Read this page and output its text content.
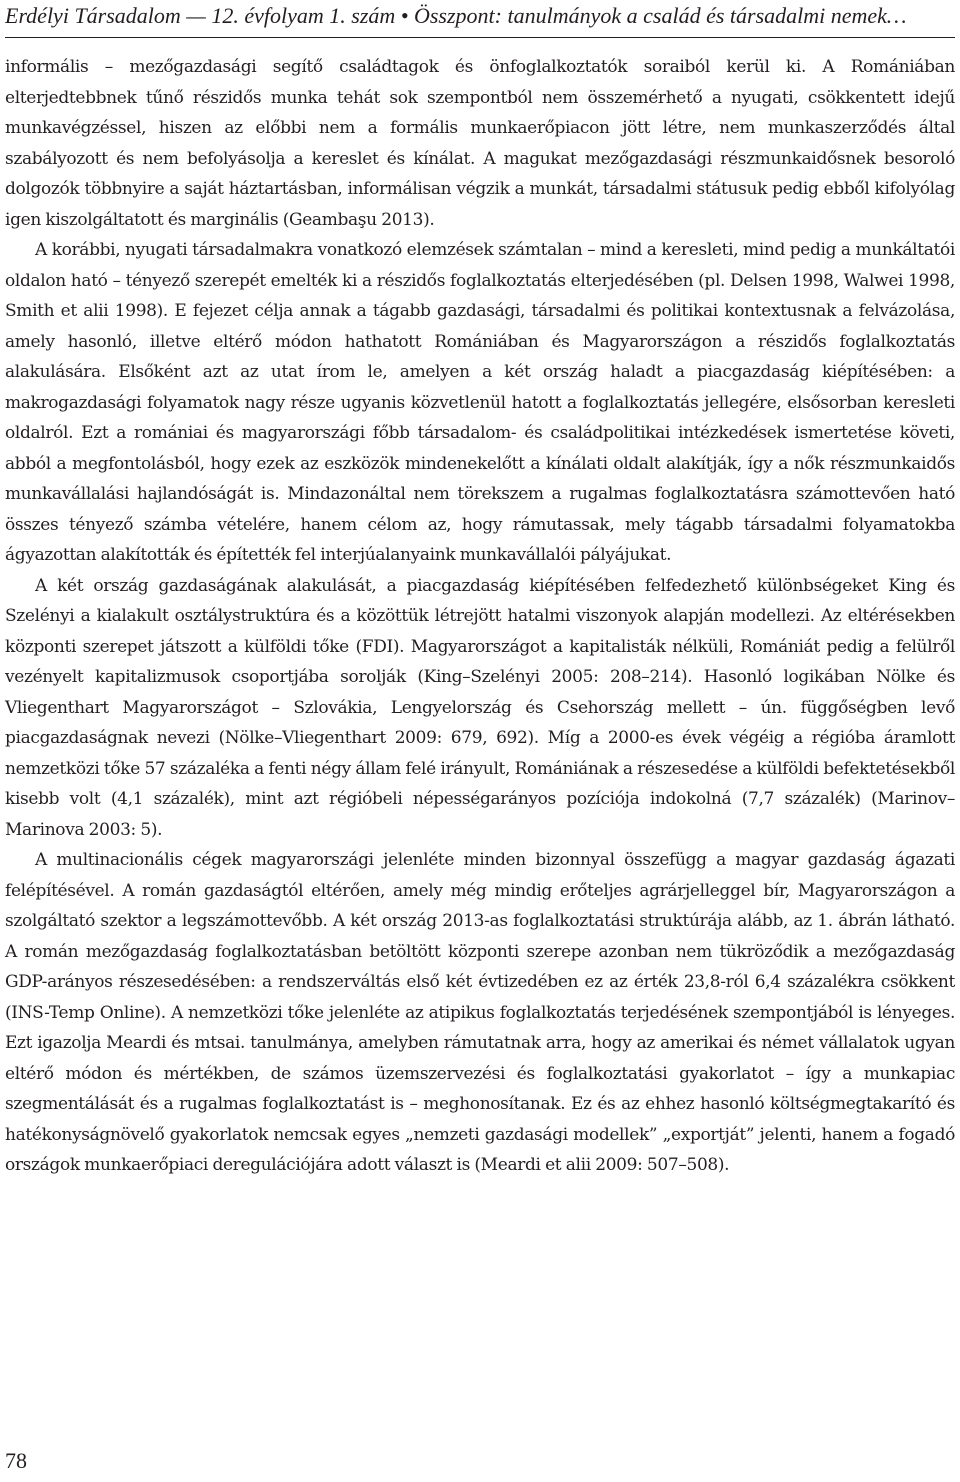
Erdélyi Társadalom — 12. évfolyam 1. szám • Összpont: tanulmányok a család és társadalmi nemek…

informális – mezőgazdasági segítő családtagok és önfoglalkoztatók soraiból kerül ki. A Romániában elterjedtebbnek tűnő részidős munka tehát sok szempontból nem összemérhető a nyugati, csökkentett idejű munkavégzéssel, hiszen az előbbi nem a formális munkaerőpiacon jött létre, nem munkaszerződés által szabályozott és nem befolyásolja a kereslet és kínálat. A magukat mezőgazdasági részmunkaidősnek besoroló dolgozók többnyire a saját háztartásban, informálisan végzik a munkát, társadalmi státusuk pedig ebből kifolyólag igen kiszolgáltatott és marginális (Geambaşu 2013).

A korábbi, nyugati társadalmakra vonatkozó elemzések számtalan – mind a keresleti, mind pedig a munkáltatói oldalon ható – tényező szerepét emelték ki a részidős foglalkoztatás elterjedésében (pl. Delsen 1998, Walwei 1998, Smith et alii 1998). E fejezet célja annak a tágabb gazdasági, társadalmi és politikai kontextusnak a felvázolása, amely hasonló, illetve eltérő módon hathatott Romániában és Magyarországon a részidős foglalkoztatás alakulására. Elsőként azt az utat írom le, amelyen a két ország haladt a piacgazdaság kiépítésében: a makrogazdasági folyamatok nagy része ugyanis közvetlenül hatott a foglalkoztatás jellegére, elsősorban keresleti oldalról. Ezt a romániai és magyarországi főbb társadalom- és családpolitikai intézkedések ismertetése követi, abból a megfontolásból, hogy ezek az eszközök mindenekelőtt a kínálati oldalt alakítják, így a nők részmunkaidős munkavállalási hajlandóságát is. Mindazonáltal nem törekszem a rugalmas foglalkoztatásra számottevően ható összes tényező számba vételére, hanem célom az, hogy rámutassak, mely tágabb társadalmi folyamatokba ágyazottan alakították és építették fel interjúalanyaink munkavállalói pályájukat.

A két ország gazdaságának alakulását, a piacgazdaság kiépítésében felfedezhető különbségeket King és Szelényi a kialakult osztálystruktúra és a közöttük létrejött hatalmi viszonyok alapján modellezi. Az eltérésekben központi szerepet játszott a külföldi tőke (FDI). Magyarországot a kapitalisták nélküli, Romániát pedig a felülről vezényelt kapitalizmusok csoportjába sorolják (King–Szelényi 2005: 208–214). Hasonló logikában Nölke és Vliegenthart Magyarországot – Szlovákia, Lengyelország és Csehország mellett – ún. függőségben levő piacgazdaságnak nevezi (Nölke–Vliegenthart 2009: 679, 692). Míg a 2000-es évek végéig a régióba áramlott nemzetközi tőke 57 százaléka a fenti négy állam felé irányult, Romániának a részesedése a külföldi befektetésekből kisebb volt (4,1 százalék), mint azt régióbeli népességarányos pozíciója indokolná (7,7 százalék) (Marinov–Marinova 2003: 5).

A multinacionális cégek magyarországi jelenléte minden bizonnyal összefügg a magyar gazdaság ágazati felépítésével. A román gazdaságtól eltérően, amely még mindig erőteljes agrárjelleggel bír, Magyarországon a szolgáltató szektor a legszámottevőbb. A két ország 2013-as foglalkoztatási struktúrája alább, az 1. ábrán látható. A román mezőgazdaság foglalkoztatásban betöltött központi szerepe azonban nem tükröződik a mezőgazdaság GDP-arányos részesedésében: a rendszerváltás első két évtizedében ez az érték 23,8-ról 6,4 százalékra csökkent (INS-Temp Online). A nemzetközi tőke jelenléte az atipikus foglalkoztatás terjedésének szempontjából is lényeges. Ezt igazolja Meardi és mtsai. tanulmánya, amelyben rámutatnak arra, hogy az amerikai és német vállalatok ugyan eltérő módon és mértékben, de számos üzemszervezési és foglalkoztatási gyakorlatot – így a munkapiac szegmentálását és a rugalmas foglalkoztatást is – meghonosítanak. Ez és az ehhez hasonló költségmegtakarító és hatékonyságnövelő gyakorlatok nemcsak egyes „nemzeti gazdasági modellek” „exportját” jelenti, hanem a fogadó országok munkaerőpiaci deregulációjára adott választ is (Meardi et alii 2009: 507–508).

78
